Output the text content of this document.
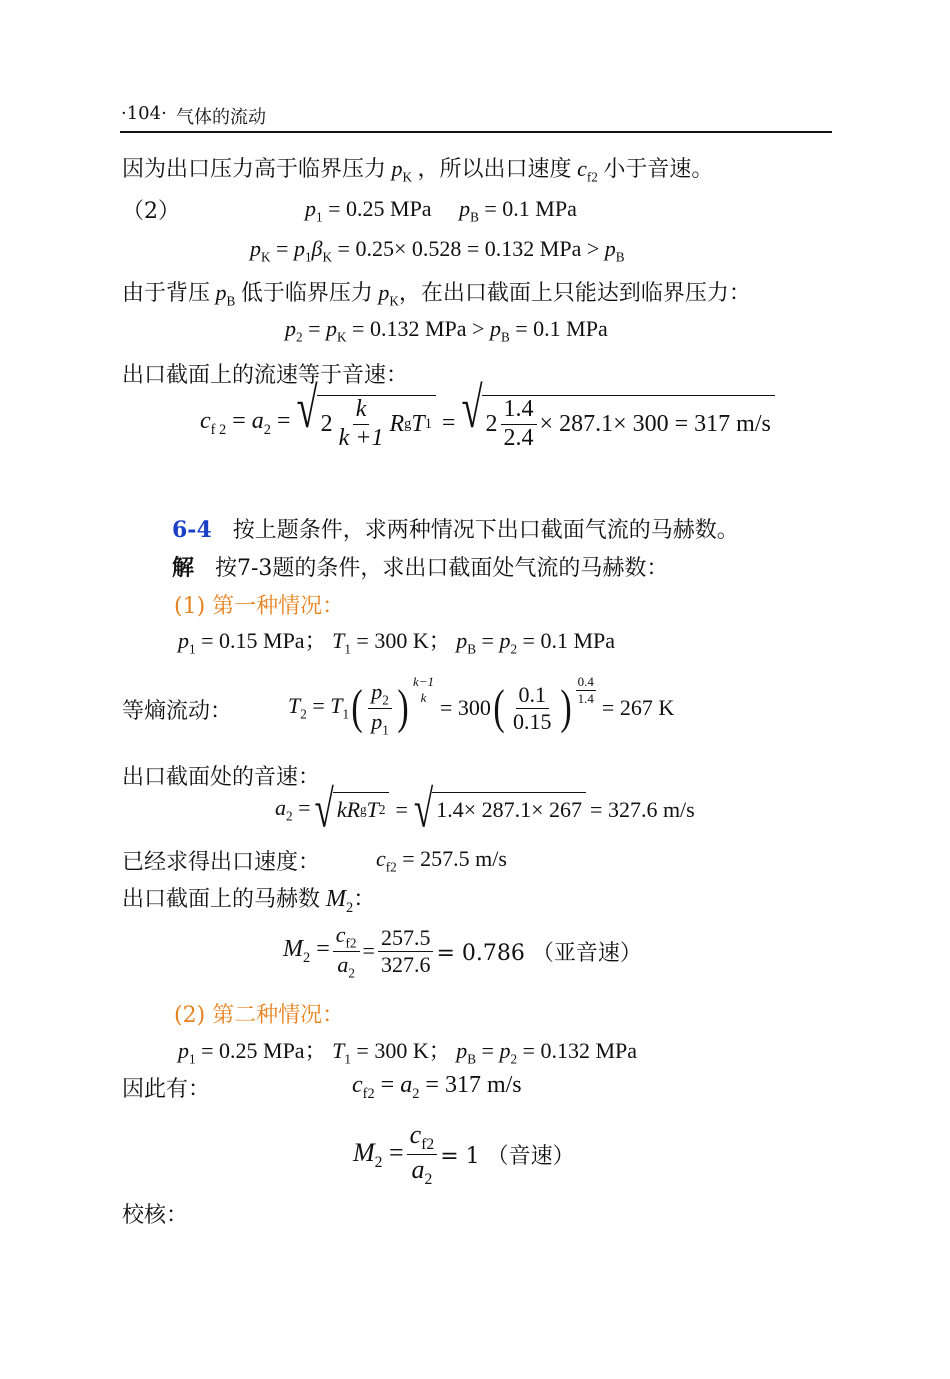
·104· 气体的流动
因为出口压力高于临界压力 $p_K$ ，所以出口速度 $c_{f2}$ 小于音速。
（2）	$p_1 = 0.25$ MPa $p_B = 0.1$ MPa
$p_K = p_1\beta_K = 0.25\times 0.528 = 0.132$ MPa > $p_B$
由于背压 $p_B$ 低于临界压力 $p_K$，在出口截面上只能达到临界压力：
$p_2 = p_K = 0.132$ MPa > $p_B = 0.1$ MPa
出口截面上的流速等于音速：
$c_{f 2} = a_2$ = √ $2 \frac{k}{k +1}$ R g T 1 = √ $2 \frac{1.4}{2.4} \times 287.1\times 300 = 317$ m/s
6-4 按上题条件，求两种情况下出口截面气流的马赫数。
解 按7-3题的条件，求出口截面处气流的马赫数：
(1) 第一种情况：
$p_1 = 0.15$ MPa； $T_1 = 300$ K； $p_B = p_2 = 0.1$ MPa
等熵流动：	$T_2 = T_1$ ( $\frac{p_2}{p_1}$ ) k−1
k = 300 ( $\frac{0.1}{0.15}$ ) $\frac{0.4}{1.4}$
= 267 K
出口截面处的音速：
$a_2$ = √ kR g T 2 = √ 1.4× 287.1× 267 = 327.6 m/s
已经求得出口速度：	$c_{f2} = 257.5$ m/s
出口截面上的马赫数 $M_2$：
$M_2 = \frac{c_{f2}}{a_2} = \frac{257.5}{327.6} = 0.786$ （亚音速）
(2) 第二种情况：
$p_1 = 0.25$ MPa； $T_1 = 300$ K； $p_B = p_2 = 0.132$ MPa
因此有：	$c_{f2} = a_2 = 317$ m/s
$M_2 = \frac{c_{f2}}{a_2} = 1$ （音速）
校核：
